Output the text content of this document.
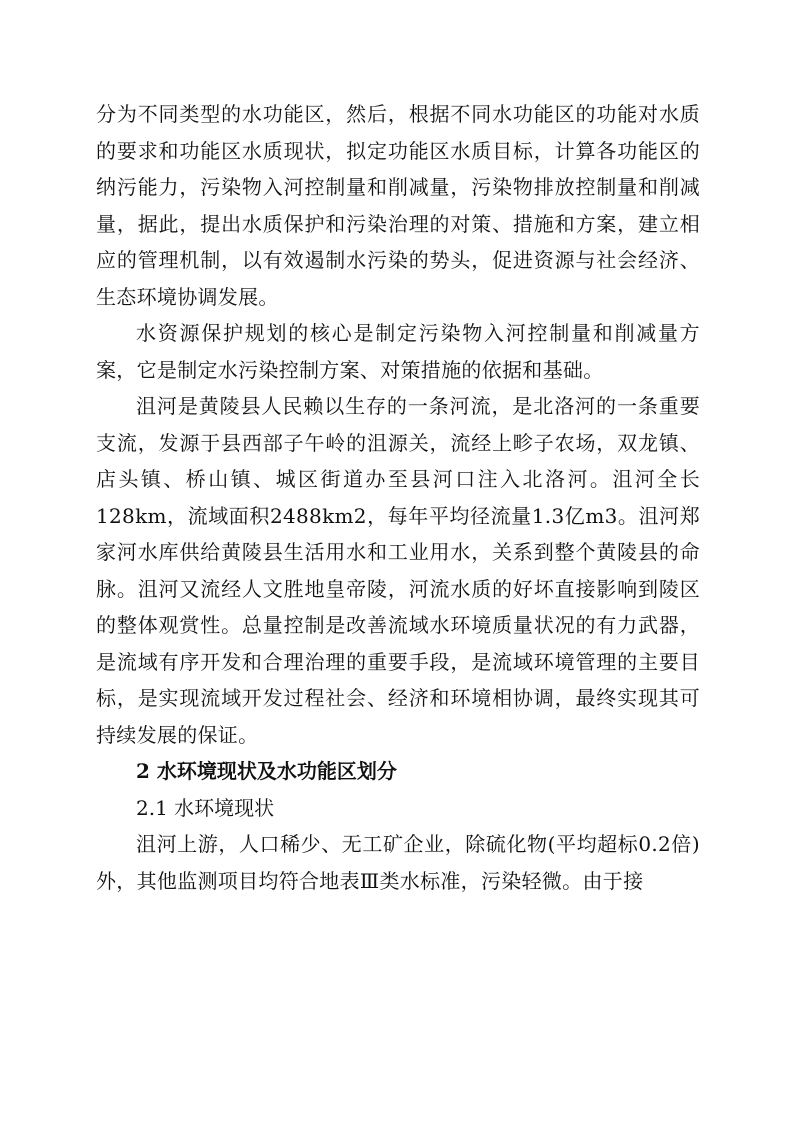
分为不同类型的水功能区，然后，根据不同水功能区的功能对水质的要求和功能区水质现状，拟定功能区水质目标，计算各功能区的纳污能力，污染物入河控制量和削减量，污染物排放控制量和削减量，据此，提出水质保护和污染治理的对策、措施和方案，建立相应的管理机制，以有效遏制水污染的势头，促进资源与社会经济、生态环境协调发展。

水资源保护规划的核心是制定污染物入河控制量和削减量方案，它是制定水污染控制方案、对策措施的依据和基础。

沮河是黄陵县人民赖以生存的一条河流，是北洛河的一条重要支流，发源于县西部子午岭的沮源关，流经上畛子农场，双龙镇、店头镇、桥山镇、城区街道办至县河口注入北洛河。沮河全长128km，流域面积2488km2，每年平均径流量1.3亿m3。沮河郑家河水库供给黄陵县生活用水和工业用水，关系到整个黄陵县的命脉。沮河又流经人文胜地皇帝陵，河流水质的好坏直接影响到陵区的整体观赏性。总量控制是改善流域水环境质量状况的有力武器，是流域有序开发和合理治理的重要手段，是流域环境管理的主要目标，是实现流域开发过程社会、经济和环境相协调，最终实现其可持续发展的保证。

2 水环境现状及水功能区划分
2.1 水环境现状

沮河上游，人口稀少、无工矿企业，除硫化物(平均超标0.2倍)外，其他监测项目均符合地表Ⅲ类水标准，污染轻微。由于接
